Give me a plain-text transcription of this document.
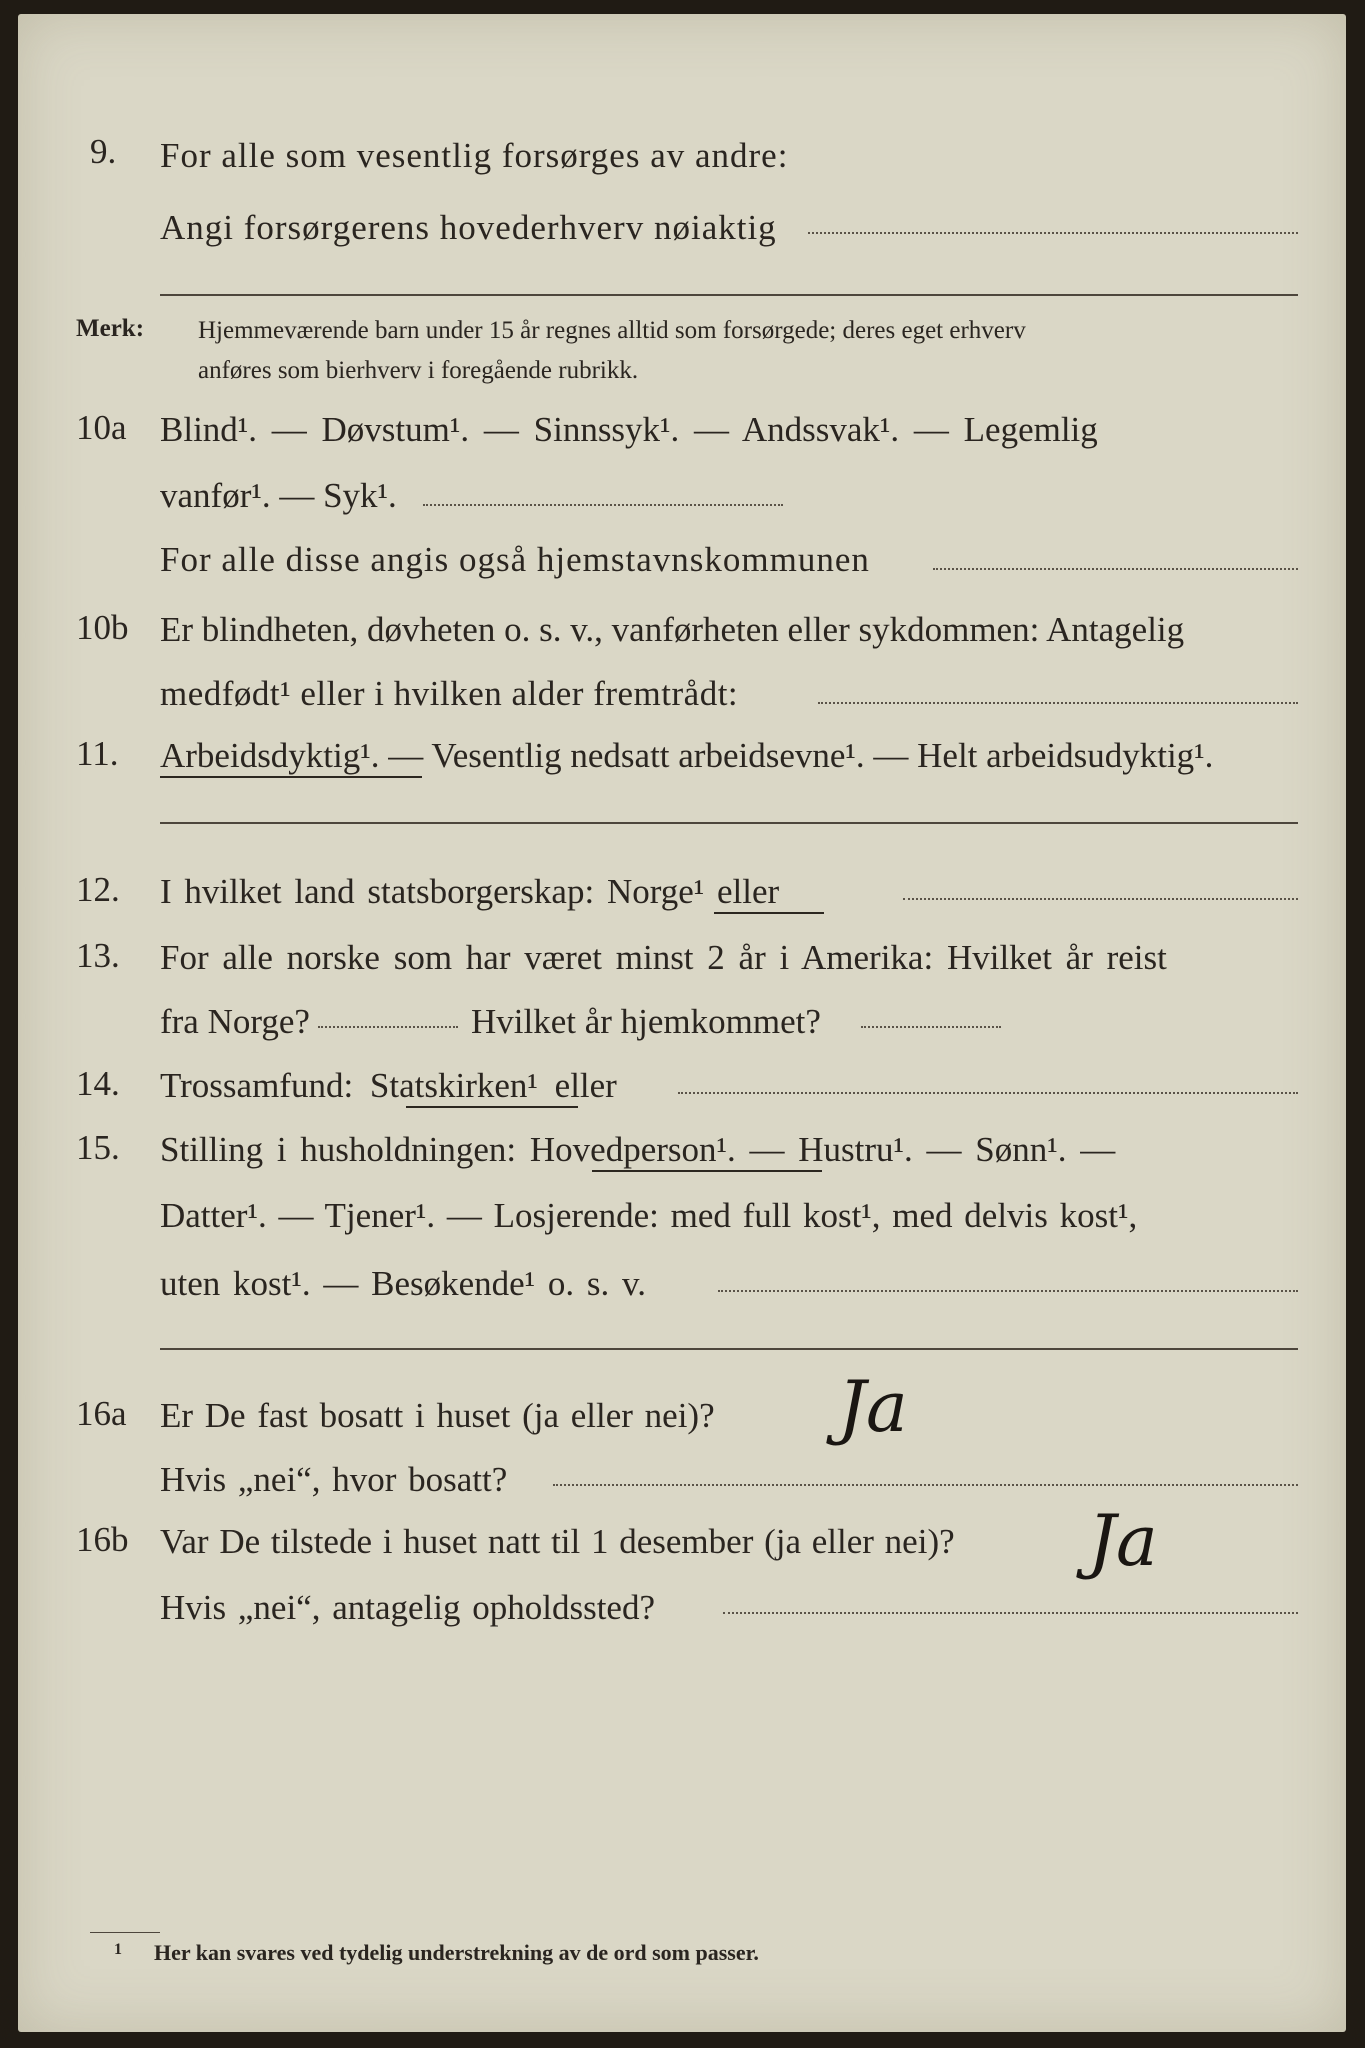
9. For alle som vesentlig forsørges av andre:
Angi forsørgerens hovederhverv nøiaktig
Merk: Hjemmeværende barn under 15 år regnes alltid som forsørgede; deres eget erhverv
anføres som bierhverv i foregående rubrikk.
10a Blind¹. — Døvstum¹. — Sinnssyk¹. — Andssvak¹. — Legemlig
vanfør¹. — Syk¹.
For alle disse angis også hjemstavnskommunen
10b Er blindheten, døvheten o. s. v., vanførheten eller sykdommen: Antagelig
medfødt¹ eller i hvilken alder fremtrådt:
11. Arbeidsdyktig¹. — Vesentlig nedsatt arbeidsevne¹. — Helt arbeidsudyktig¹.
12. I hvilket land statsborgerskap: Norge¹ eller
13. For alle norske som har været minst 2 år i Amerika: Hvilket år reist
fra Norge?	Hvilket år hjemkommet?
14. Trossamfund: Statskirken¹ eller
15. Stilling i husholdningen: Hovedperson¹. — Hustru¹. — Sønn¹. —
Datter¹. — Tjener¹. — Losjerende: med full kost¹, med delvis kost¹,
uten kost¹. — Besøkende¹ o. s. v.
16a Er De fast bosatt i huset (ja eller nei)? Ja
Hvis „nei“, hvor bosatt?
16b Var De tilstede i huset natt til 1 desember (ja eller nei)? Ja
Hvis „nei“, antagelig opholdssted?
1 Her kan svares ved tydelig understrekning av de ord som passer.
